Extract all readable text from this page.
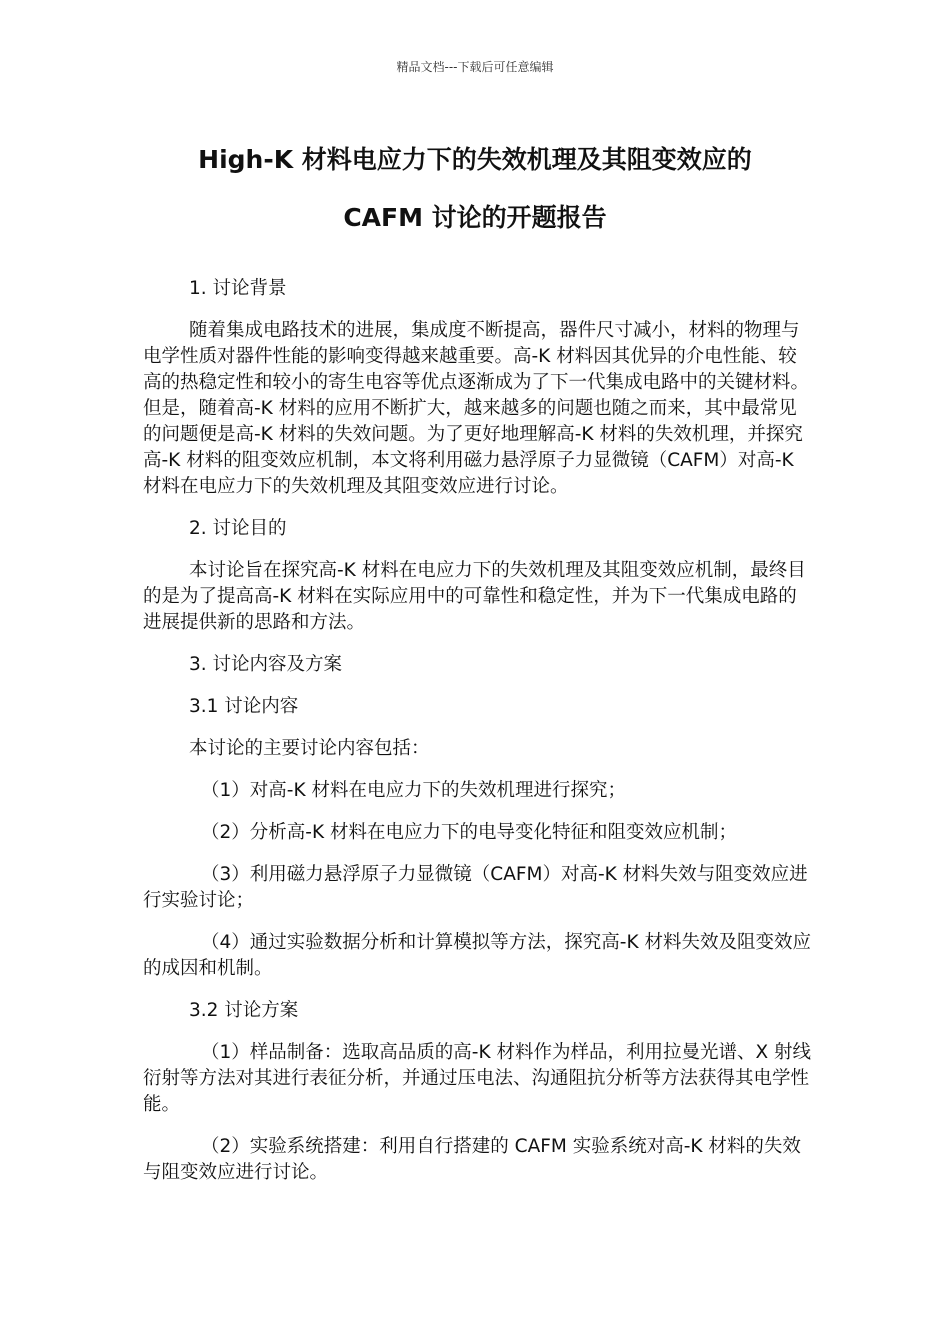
精品文档---下载后可任意编辑
High-K 材料电应力下的失效机理及其阻变效应的
CAFM 讨论的开题报告

1. 讨论背景

随着集成电路技术的进展，集成度不断提高，器件尺寸减小，材料的物理与电学性质对器件性能的影响变得越来越重要。高-K 材料因其优异的介电性能、较高的热稳定性和较小的寄生电容等优点逐渐成为了下一代集成电路中的关键材料。但是，随着高-K 材料的应用不断扩大，越来越多的问题也随之而来，其中最常见的问题便是高-K 材料的失效问题。为了更好地理解高-K 材料的失效机理，并探究高-K 材料的阻变效应机制，本文将利用磁力悬浮原子力显微镜（CAFM）对高-K 材料在电应力下的失效机理及其阻变效应进行讨论。

2. 讨论目的

本讨论旨在探究高-K 材料在电应力下的失效机理及其阻变效应机制，最终目的是为了提高高-K 材料在实际应用中的可靠性和稳定性，并为下一代集成电路的进展提供新的思路和方法。

3. 讨论内容及方案

3.1 讨论内容

本讨论的主要讨论内容包括：

（1）对高-K 材料在电应力下的失效机理进行探究；

（2）分析高-K 材料在电应力下的电导变化特征和阻变效应机制；

（3）利用磁力悬浮原子力显微镜（CAFM）对高-K 材料失效与阻变效应进行实验讨论；

（4）通过实验数据分析和计算模拟等方法，探究高-K 材料失效及阻变效应的成因和机制。

3.2 讨论方案

（1）样品制备：选取高品质的高-K 材料作为样品，利用拉曼光谱、X 射线衍射等方法对其进行表征分析，并通过压电法、沟通阻抗分析等方法获得其电学性能。

（2）实验系统搭建：利用自行搭建的 CAFM 实验系统对高-K 材料的失效与阻变效应进行讨论。
